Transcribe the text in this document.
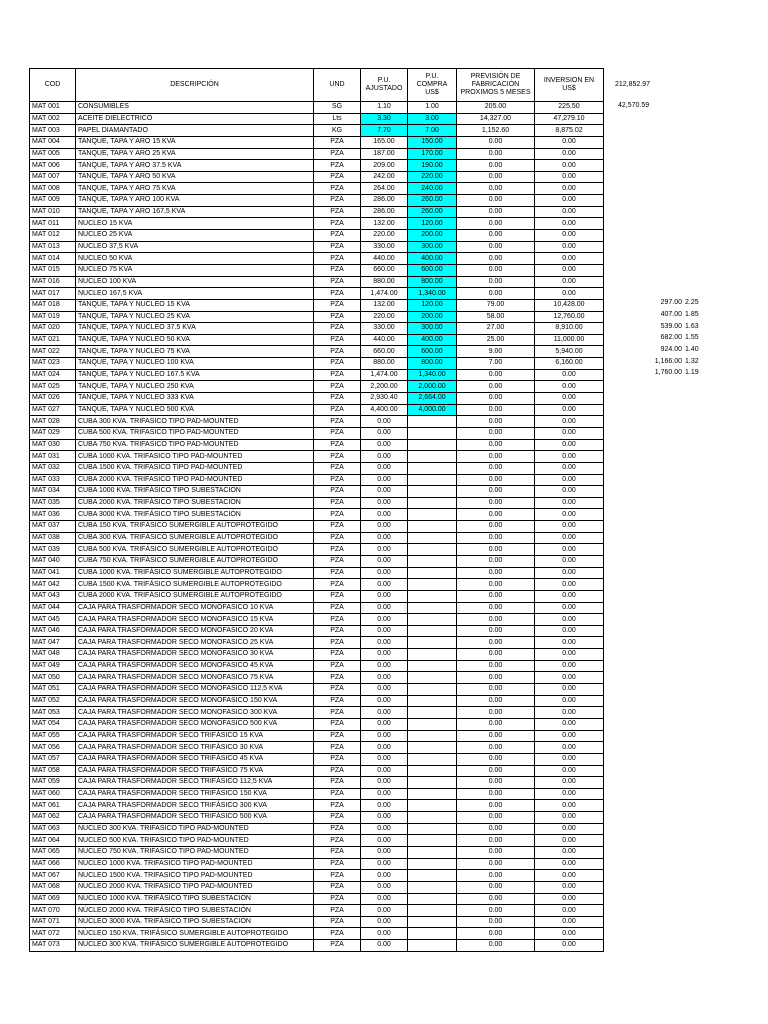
COD	DESCRIPCIÓN	UND	P.U. AJUSTADO	P.U. COMPRA US$	PREVISIÓN DE FABRICACIÓN PROXIMOS 5 MESES	INVERSION EN US$
MAT 001	CONSUMIBLES	SG	1.10	1.00	205.00	225.50
MAT 002	ACEITE DIELECTRICO	Lts	3.30	3.00	14,327.00	47,279.10
MAT 003	PAPEL DIAMANTADO	KG	7.70	7.00	1,152.60	8,875.02
MAT 004	TANQUE, TAPA Y ARO 15 KVA	PZA	165.00	150.00	0.00	0.00
MAT 005	TANQUE, TAPA Y ARO 25 KVA	PZA	187.00	170.00	0.00	0.00
MAT 006	TANQUE, TAPA Y ARO 37.5 KVA	PZA	209.00	190.00	0.00	0.00
MAT 007	TANQUE, TAPA Y ARO 50 KVA	PZA	242.00	220.00	0.00	0.00
MAT 008	TANQUE, TAPA Y ARO 75 KVA	PZA	264.00	240.00	0.00	0.00
MAT 009	TANQUE, TAPA Y ARO 100 KVA	PZA	286.00	260.00	0.00	0.00
MAT 010	TANQUE, TAPA Y ARO 167,5 KVA	PZA	286.00	260.00	0.00	0.00
MAT 011	NUCLEO 15 KVA	PZA	132.00	120.00	0.00	0.00
MAT 012	NUCLEO 25 KVA	PZA	220.00	200.00	0.00	0.00
MAT 013	NUCLEO 37,5 KVA	PZA	330.00	300.00	0.00	0.00
MAT 014	NUCLEO 50 KVA	PZA	440.00	400.00	0.00	0.00
MAT 015	NUCLEO 75 KVA	PZA	660.00	600.00	0.00	0.00
MAT 016	NUCLEO 100 KVA	PZA	880.00	800.00	0.00	0.00
MAT 017	NUCLEO 167,5 KVA	PZA	1,474.00	1,340.00	0.00	0.00
MAT 018	TANQUE, TAPA Y NUCLEO 15 KVA	PZA	132.00	120.00	79.00	10,428.00
MAT 019	TANQUE, TAPA Y NUCLEO 25 KVA	PZA	220.00	200.00	58.00	12,760.00
MAT 020	TANQUE, TAPA Y NUCLEO 37.5 KVA	PZA	330.00	300.00	27.00	8,910.00
MAT 021	TANQUE, TAPA Y NUCLEO 50 KVA	PZA	440.00	400.00	25.00	11,000.00
MAT 022	TANQUE, TAPA Y NUCLEO 75 KVA	PZA	660.00	600.00	9.00	5,940.00
MAT 023	TANQUE, TAPA Y NUCLEO 100 KVA	PZA	880.00	800.00	7.00	6,160.00
MAT 024	TANQUE, TAPA Y NUCLEO 167.5 KVA	PZA	1,474.00	1,340.00	0.00	0.00
MAT 025	TANQUE, TAPA Y NUCLEO 250 KVA	PZA	2,200.00	2,000.00	0.00	0.00
MAT 026	TANQUE, TAPA Y NUCLEO 333 KVA	PZA	2,930.40	2,664.00	0.00	0.00
MAT 027	TANQUE, TAPA Y NUCLEO 500 KVA	PZA	4,400.00	4,000.00	0.00	0.00
MAT 028	CUBA 300 KVA. TRIFASICO TIPO PAD-MOUNTED	PZA	0.00		0.00	0.00
MAT 029	CUBA 500 KVA. TRIFASICO TIPO PAD-MOUNTED	PZA	0.00		0.00	0.00
MAT 030	CUBA 750 KVA. TRIFASICO TIPO PAD-MOUNTED	PZA	0.00		0.00	0.00
MAT 031	CUBA 1000 KVA. TRIFASICO TIPO PAD-MOUNTED	PZA	0.00		0.00	0.00
MAT 032	CUBA 1500 KVA. TRIFASICO TIPO PAD-MOUNTED	PZA	0.00		0.00	0.00
MAT 033	CUBA 2000 KVA. TRIFASICO TIPO PAD-MOUNTED	PZA	0.00		0.00	0.00
MAT 034	CUBA 1000 KVA. TRIFÁSICO TIPO SUBESTACIÓN	PZA	0.00		0.00	0.00
MAT 035	CUBA 2000 KVA. TRIFÁSICO TIPO SUBESTACIÓN	PZA	0.00		0.00	0.00
MAT 036	CUBA 3000 KVA. TRIFÁSICO TIPO SUBESTACIÓN	PZA	0.00		0.00	0.00
MAT 037	CUBA 150 KVA. TRIFÁSICO SUMERGIBLE AUTOPROTEGIDO	PZA	0.00		0.00	0.00
MAT 038	CUBA 300 KVA. TRIFÁSICO SUMERGIBLE AUTOPROTEGIDO	PZA	0.00		0.00	0.00
MAT 039	CUBA 500 KVA. TRIFÁSICO SUMERGIBLE AUTOPROTEGIDO	PZA	0.00		0.00	0.00
MAT 040	CUBA 750 KVA. TRIFÁSICO SUMERGIBLE AUTOPROTEGIDO	PZA	0.00		0.00	0.00
MAT 041	CUBA 1000 KVA. TRIFÁSICO SUMERGIBLE AUTOPROTEGIDO	PZA	0.00		0.00	0.00
MAT 042	CUBA 1500 KVA. TRIFÁSICO SUMERGIBLE AUTOPROTEGIDO	PZA	0.00		0.00	0.00
MAT 043	CUBA 2000 KVA. TRIFÁSICO SUMERGIBLE AUTOPROTEGIDO	PZA	0.00		0.00	0.00
MAT 044	CAJA PARA TRASFORMADOR SECO MONOFASICO 10 KVA	PZA	0.00		0.00	0.00
MAT 045	CAJA PARA TRASFORMADOR SECO MONOFASICO 15 KVA	PZA	0.00		0.00	0.00
MAT 046	CAJA PARA TRASFORMADOR SECO MONOFASICO 20 KVA	PZA	0.00		0.00	0.00
MAT 047	CAJA PARA TRASFORMADOR SECO MONOFASICO 25 KVA	PZA	0.00		0.00	0.00
MAT 048	CAJA PARA TRASFORMADOR SECO MONOFASICO 30 KVA	PZA	0.00		0.00	0.00
MAT 049	CAJA PARA TRASFORMADOR SECO MONOFASICO 45 KVA	PZA	0.00		0.00	0.00
MAT 050	CAJA PARA TRASFORMADOR SECO MONOFASICO 75 KVA	PZA	0.00		0.00	0.00
MAT 051	CAJA PARA TRASFORMADOR SECO MONOFASICO 112,5 KVA	PZA	0.00		0.00	0.00
MAT 052	CAJA PARA TRASFORMADOR SECO MONOFASICO 150 KVA	PZA	0.00		0.00	0.00
MAT 053	CAJA PARA TRASFORMADOR SECO MONOFASICO 300 KVA	PZA	0.00		0.00	0.00
MAT 054	CAJA PARA TRASFORMADOR SECO MONOFASICO 500 KVA	PZA	0.00		0.00	0.00
MAT 055	CAJA PARA TRASFORMADOR SECO TRIFÁSICO 15 KVA	PZA	0.00		0.00	0.00
MAT 056	CAJA PARA TRASFORMADOR SECO TRIFÁSICO 30 KVA	PZA	0.00		0.00	0.00
MAT 057	CAJA PARA TRASFORMADOR SECO TRIFÁSICO 45 KVA	PZA	0.00		0.00	0.00
MAT 058	CAJA PARA TRASFORMADOR SECO TRIFÁSICO 75 KVA	PZA	0.00		0.00	0.00
MAT 059	CAJA PARA TRASFORMADOR SECO TRIFÁSICO 112,5 KVA	PZA	0.00		0.00	0.00
MAT 060	CAJA PARA TRASFORMADOR SECO TRIFÁSICO 150 KVA	PZA	0.00		0.00	0.00
MAT 061	CAJA PARA TRASFORMADOR SECO TRIFÁSICO 300 KVA	PZA	0.00		0.00	0.00
MAT 062	CAJA PARA TRASFORMADOR SECO TRIFÁSICO 500 KVA	PZA	0.00		0.00	0.00
MAT 063	NUCLEO 300 KVA. TRIFASICO TIPO PAD-MOUNTED	PZA	0.00		0.00	0.00
MAT 064	NUCLEO 500 KVA. TRIFASICO TIPO PAD-MOUNTED	PZA	0.00		0.00	0.00
MAT 065	NUCLEO 750 KVA. TRIFASICO TIPO PAD-MOUNTED	PZA	0.00		0.00	0.00
MAT 066	NUCLEO 1000 KVA. TRIFASICO TIPO PAD-MOUNTED	PZA	0.00		0.00	0.00
MAT 067	NUCLEO 1500 KVA. TRIFASICO TIPO PAD-MOUNTED	PZA	0.00		0.00	0.00
MAT 068	NUCLEO 2000 KVA. TRIFASICO TIPO PAD-MOUNTED	PZA	0.00		0.00	0.00
MAT 069	NÚCLEO 1000 KVA. TRIFÁSICO TIPO SUBESTACIÓN	PZA	0.00		0.00	0.00
MAT 070	NÚCLEO 2000 KVA. TRIFÁSICO TIPO SUBESTACIÓN	PZA	0.00		0.00	0.00
MAT 071	NÚCLEO 3000 KVA. TRIFÁSICO TIPO SUBESTACIÓN	PZA	0.00		0.00	0.00
MAT 072	NÚCLEO 150 KVA. TRIFÁSICO SUMERGIBLE AUTOPROTEGIDO	PZA	0.00		0.00	0.00
MAT 073	NÚCLEO 300 KVA. TRIFÁSICO SUMERGIBLE AUTOPROTEGIDO	PZA	0.00		0.00	0.00
212,852.97
42,570.59
297.00 2.25
407.00 1.85
539.00 1.63
682.00 1.55
924.00 1.40
1,166.00 1.32
1,760.00 1.19
